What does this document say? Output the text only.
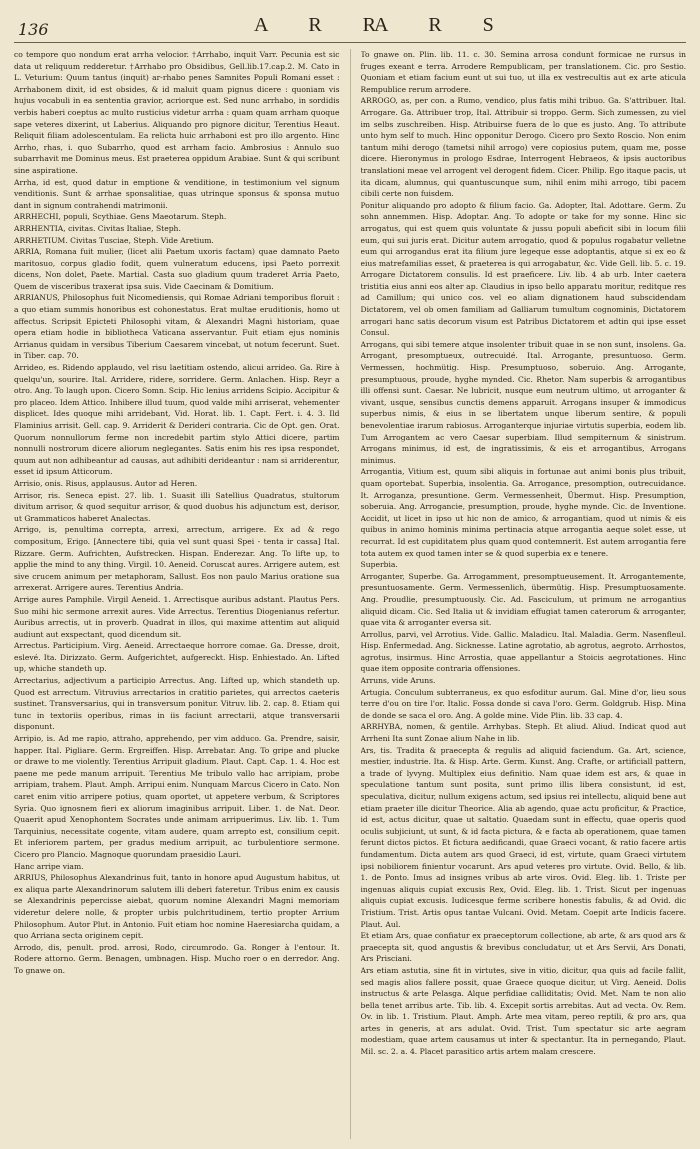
136	A R R
A R S

co tempore quo nondum erat arrha velocior. †Arrhabo, inquit Varr. Pecunia est sic data ut reliquum redderetur. †Arrhabo pro Obsidibus, Gell.lib.17.cap.2. M. Cato in L. Veturium: Quum tantus (inquit) ar-rhabo penes Samnites Populi Romani esset : Arrhabonem dixit, id est obsides, & id maluit quam pignus dicere : quoniam vis hujus vocabuli in ea sententia gravior, acriorque est. Sed nunc arrhabo, in sordidis verbis haberi coeptus ac multo rusticius videtur arrha : quam quam arrham quoque sape veteres dixerint, ut Laberius. Aliquando pro pignore dicitur, Terentius Heaut. Reliquit filiam adolescentulam. Ea relicta huic arrhaboni est pro illo argento. Hinc Arrho, rhas, i. quo Subarrho, quod est arrham facio. Ambrosius : Annulo suo subarrhavit me Dominus meus. Est praeterea oppidum Arabiae. Sunt & qui scribunt sine aspiratione.

Arrha, id est, quod datur in emptione & venditione, in testimonium vel signum venditionis. Sunt & arrhae sponsalitiae, quas utrinque sponsus & sponsa mutuo dant in signum contrahendi matrimonii.

ARRHECHI, populi, Scythiae. Gens Maeotarum. Steph.

ARRHENTIA, civitas. Civitas Italiae, Steph.

ARRHETIUM. Civitas Tusciae, Steph. Vide Aretium.

ARRIA, Romana fuit mulier, (licet alii Paetum uxoris factam) quae damnato Paeto maritosuo, corpus gladio fodit, quem vulneratum educens, ipsi Paeto porrexit dicens, Non dolet, Paete. Martial. Casta suo gladium quum traderet Arria Paeto, Quem de visceribus traxerat ipsa suis. Vide Caecinam & Domitium.

ARRIANUS, Philosophus fuit Nicomediensis, qui Romae Adriani temporibus floruit : a quo etiam summis honoribus est cohonestatus. Erat multae eruditionis, homo ut affectus. Scripsit Epicteti Philosophi vitam, & Alexandri Magni historiam, quae opera etiam hodie in bibliotheca Vaticana asservantur. Fuit etiam ejus nominis Arrianus quidam in versibus Tiberium Caesarem vincebat, ut notum fecerunt. Suet. in Tiber. cap. 70.

Arrideo, es. Ridendo applaudo, vel risu laetitiam ostendo, alicui arrideo. Ga. Rire à quelqu'un, sourire. Ital. Arridere, ridere, sorridere. Germ. Anlachen. Hisp. Reyr a otro. Ang. To laugh upon. Cicero Somn. Scip. Hic lenius arridens Scipio. Accipitur & pro placeo. Idem Attico. Inhibere illud tuum, quod valde mihi arriserat, vehementer displicet. Ides quoque mihi arridebant, Vid. Horat. lib. 1. Capt. Fert. i. 4. 3. Ild Flaminius arrisit. Gell. cap. 9. Arriderit & Derideri contraria. Cic de Opt. gen. Orat. Quorum nonnullorum ferme non incredebit partim stylo Attici dicere, partim nonnulli nostrorum dicere aliorum neglegantes. Satis enim his res ipsa respondet, quum aut non adhibeantur ad causas, aut adhibiti derideantur : nam si arriderentur, esset id ipsum Atticorum.

Arrisio, onis. Risus, applausus. Autor ad Heren.

Arrisor, ris. Seneca epist. 27. lib. 1. Suasit illi Satellius Quadratus, stultorum divitum arrisor, & quod sequitur arrisor, & quod duobus his adjunctum est, derisor, ut Grammaticos haberet Analectas.

Arrigo, is, penultima correpta, arrexi, arrectum, arrigere. Ex ad & rego compositum, Erigo. [Annectere tibi, quia vel sunt quasi Spei - tenta ir cassa] Ital. Rizzare. Germ. Aufrichten, Aufstrecken. Hispan. Enderezar. Ang. To lifte up, to applie the mind to any thing. Virgil. 10. Aeneid. Coruscat aures. Arrigere autem, est sive crucem animum per metaphoram, Sallust. Eos non paulo Marius oratione sua arrexerat. Arrigere aures. Terentius Andria.

Arrige aures Pamphile. Virgil Aeneid. 1. Arrectisque auribus adstant. Plautus Pers. Suo mihi hic sermone arrexit aures. Vide Arrectus. Terentius Diogenianus refertur. Auribus arrectis, ut in proverb. Quadrat in illos, qui maxime attentim aut aliquid audiunt aut exspectant, quod dicendum sit.

Arrectus. Participium. Virg. Aeneid. Arrectaeque horrore comae. Ga. Dresse, droit, eslevé. Ita. Dirizzato. Germ. Aufgerichtet, aufgereckt. Hisp. Enhiestado. An. Lifted up, whiche standeth up.

Arrectarius, adjectivum a participio Arrectus. Ang. Lifted up, which standeth up. Quod est arrectum. Vitruvius arrectarios in cratitio parietes, qui arrectos caeteris sustinet. Transversarius, qui in transversum ponitur. Vitruv. lib. 2. cap. 8. Etiam qui tunc in textoriis operibus, rimas in iis faciunt arrectarii, atque transversarii disponunt.

Arripio, is. Ad me rapio, attraho, apprehendo, per vim adduco. Ga. Prendre, saisir, happer. Ital. Pigliare. Germ. Ergreiffen. Hisp. Arrebatar. Ang. To gripe and plucke or drawe to me violently. Terentius Arripuit gladium. Plaut. Capt. Cap. 1. 4. Hoc est paene me pede manum arripuit. Terentius Me tribulo vallo hac arripiam, probe arripiam, trahem. Plaut. Amph. Arripui enim. Nunquam Marcus Cicero in Cato. Non caret enim vitio arripere potius, quam oportet, ut appetere verbum, & Scriptores Syria. Quo ignosnem fieri ex aliorum imaginibus arripuit. Liber. 1. de Nat. Deor. Quaerit apud Xenophontem Socrates unde animam arripuerimus. Liv. lib. 1. Tum Tarquinius, necessitate cogente, vitam audere, quam arrepto est, consilium cepit. Et inferiorem partem, per gradus medium arripuit, ac turbulentiore sermone. Cicero pro Plancio. Magnoque quorundam praesidio Lauri.

Hanc arripe viam.

ARRIUS, Philosophus Alexandrinus fuit, tanto in honore apud Augustum habitus, ut ex aliqua parte Alexandrinorum salutem illi deberi fateretur. Tribus enim ex causis se Alexandrinis pepercisse aiebat, quorum nomine Alexandri Magni memoriam videretur delere nolle, & propter urbis pulchritudinem, tertio propter Arrium Philosophum. Autor Plut. in Antonio. Fuit etiam hoc nomine Haeresiarcha quidam, a quo Arriana secta originem cepit.

Arrodo, dis, penult. prod. arrosi, Rodo, circumrodo. Ga. Ronger à l'entour. It. Rodere attorno. Germ. Benagen, umbnagen. Hisp. Mucho roer o en derredor. Ang. To gnawe on.

To gnawe on. Plin. lib. 11. c. 30. Semina arrosa condunt formicae ne rursus in fruges exeant e terra. Arrodere Rempublicam, per translationem. Cic. pro Sestio. Quoniam et etiam facium eunt ut sui tuo, ut illa ex vestrecultis aut ex arte aticula Rempublice rerum arrodere.

ARROGO, as, per con. a Rumo, vendico, plus fatis mihi tribuo. Ga. S'attribuer. Ital. Arrogare. Ga. Attribuer trop, Ital. Attribuir si troppo. Germ. Sich zumessen, zu viel im selbs zuschreiben. Hisp. Atribuirse fuera de lo que es justo. Ang. To attribute unto hym self to much. Hinc opponitur Derogo. Cicero pro Sexto Roscio. Non enim tantum mihi derogo (tametsi nihil arrogo) vere copiosius putem, quam me, posse dicere. Hieronymus in prologo Esdrae, Interrogent Hebraeos, & ipsis auctoribus translationi meae vel arrogent vel derogent fidem. Cicer. Philip. Ego itaque pacis, ut ita dicam, alumnus, qui quantuscunque sum, nihil enim mihi arrogo, tibi pacem cibili certe non fuisdem.

Ponitur aliquando pro adopto & filium facio. Ga. Adopter, Ital. Adottare. Germ. Zu sohn annemmen. Hisp. Adoptar. Ang. To adopte or take for my sonne. Hinc sic arrogatus, qui est quem quis voluntate & jussu populi abeficit sibi in locum filii eum, qui sui juris erat. Dicitur autem arrogatio, quod & populus rogabatur velletne eum qui arrogandus erat ita filium jure legeque esse adoptantis, atque si ex eo & eius matrefamilias esset, & praeterea is qui arrogabatur, &c. Vide Gell. lib. 5. c. 19. Arrogare Dictatorem consulis. Id est praeficere. Liv. lib. 4 ab urb. Inter caetera tristitia eius anni eos alter ap. Claudius in ipso bello apparatu moritur, reditque res ad Camillum; qui unico cos. vel eo aliam dignationem haud subscidendam Dictatorem, vel ob omen familiam ad Galliarum tumultum cognominis, Dictatorem arrogari hanc satis decorum visum est Patribus Dictatorem et adtin qui ipse esset Consul.

Arrogans, qui sibi temere atque insolenter tribuit quae in se non sunt, insolens. Ga. Arrogant, presomptueux, outrecuidé. Ital. Arrogante, presuntuoso. Germ. Vermessen, hochmütig. Hisp. Presumptuoso, soberuio. Ang. Arrogante, presumptuous, proude, hyghe mynded. Cic. Rhetor. Nam superbis & arrogantibus illi offensi sunt. Caesar. Ne lubricit, nusque eum neutrum ultimo, ut arroganter & vivant, usque, sensibus cunctis demens apparuit. Arrogans insuper & immodicus superbus nimis, & eius in se libertatem unque liberum sentire, & populi benevolentiae irarum rabiosus. Arroganterque injuriae virtutis superbia, eodem lib. Tum Arrogantem ac vero Caesar superbiam. Illud sempiternum & sinistrum. Arrogans minimus, id est, de ingratissimis, & eis et arrogantibus, Arrogans minimus.

Arrogantia, Vitium est, quum sibi aliquis in fortunae aut animi bonis plus tribuit, quam oportebat. Superbia, insolentia. Ga. Arrogance, presomption, outrecuidance. It. Arroganza, presuntione. Germ. Vermessenheit, Übermut. Hisp. Presumption, soberuia. Ang. Arrogancie, presumption, proude, hyghe mynde. Cic. de Inventione. Accidit, ut licet in ipso ut hic non de amico, & arrogantiam, quod ut nimis & eis quibus in animo hominis minima pertinacia atque arrogantia aeque solet esse, ut recurrat. Id est cupiditatem plus quam quod contemnerit. Est autem arrogantia fere tota autem ex quod tamen inter se & quod superbia ex e tenere.

Superbia.

Arroganter, Superbe. Ga. Arrogamment, presomptueusement. It. Arrogantemente, presuntuosamente. Germ. Vermessenlich, übermütig. Hisp. Presumptuosamente. Ang. Proudlie, presumptuously. Cic. Ad. Fasciculum, ut primum ne arrogantius aliquid dicam. Cic. Sed Italia ut & invidiam effugiat tamen caterorum & arroganter, quae vita & arroganter eversa sit.

Arrollus, parvi, vel Arrotius. Vide. Gallic. Maladicu. Ital. Maladia. Germ. Nasenfleul. Hisp. Enfermedad. Ang. Sicknesse. Latine agrotatio, ab agrotus, aegroto. Arrhostos, agrotus, insirmus. Hinc Arrostia, quae appellantur a Stoicis aegrotationes. Hinc quae item opposite contraria offensiones.

Arruns, vide Aruns.

Artugia. Conculum subterraneus, ex quo esfoditur aurum. Gal. Mine d'or, lieu sous terre d'ou on tire l'or. Italic. Fossa donde si cava l'oro. Germ. Goldgrub. Hisp. Mina de donde se saca el oro. Ang. A golde mine. Vide Plin. lib. 33 cap. 4.

ARRHYBA, nomen, & gentile. Arrhybas. Steph. Et aliud. Aliud. Indicat quod aut Arrheni Ita sunt Zonae alium Nahe in lib.

Ars, tis. Tradita & praecepta & regulis ad aliquid faciendum. Ga. Art, science, mestier, industrie. Ita. & Hisp. Arte. Germ. Kunst. Ang. Crafte, or artificiall pattern, a trade of lyvyng. Multiplex eius definitio. Nam quae idem est ars, & quae in speculatione tantum sunt posita, sunt primo illis libera consistunt, id est, speculativa, dicitur, nullum exigens actum, sed ipsius rei intellectu, aliquid bene aut etiam praeter ille dicitur Theorice. Alia ab agendo, quae actu proficitur, & Practice, id est, actus dicitur, quae ut saltatio. Quaedam sunt in effectu, quae operis quod oculis subjiciunt, ut sunt, & id facta pictura, & e facta ab operationem, quae tamen ferunt dictos pictos. Et fictura aedificandi, quae Graeci vocant, & ratio facere artis fundamentum. Dicta autem ars quod Graeci, id est, virtute, quam Graeci virtutem ipsi nobiliorem finientur vocarunt. Ars apud veteres pro virtute. Ovid. Bello, & lib. 1. de Ponto. Imus ad insignes vribus ab arte viros. Ovid. Eleg. lib. 1. Triste per ingenuas aliquis cupiat excusis Rex, Ovid. Eleg. lib. 1. Trist. Sicut per ingenuas aliquis cupiat excusis. Iudicesque ferme scribere honestis fabulis, & ad Ovid. dic Tristium. Trist. Artis opus tantae Vulcani. Ovid. Metam. Coepit arte Indicis facere. Plaut. Aul.

Et etiam Ars, quae confiatur ex praeceptorum collectione, ab arte, & ars quod ars & praecepta sit, quod angustis & brevibus concludatur, ut et Ars Servii, Ars Donati, Ars Prisciani.

Ars etiam astutia, sine fit in virtutes, sive in vitio, dicitur, qua quis ad facile fallit, sed magis alios fallere possit, quae Graece quoque dicitur, ut Virg. Aeneid. Dolis instructus & arte Pelasga. Alque perfidiae calliditatis; Ovid. Met. Nam te non alio bella tenet arribus arte. Tib. lib. 4. Excepit sortis arrebitas. Aut ad vecta. Ov. Rem. Ov. in lib. 1. Tristium. Plaut. Amph. Arte mea vitam, pereo reptili, & pro ars, qua artes in generis, at ars adulat. Ovid. Trist. Tum spectatur sic arte aegram modestiam, quae artem causamus ut inter & spectantur. Ita in pernegando, Plaut. Mil. sc. 2. a. 4. Placet parasitico artis artem malam crescere.
